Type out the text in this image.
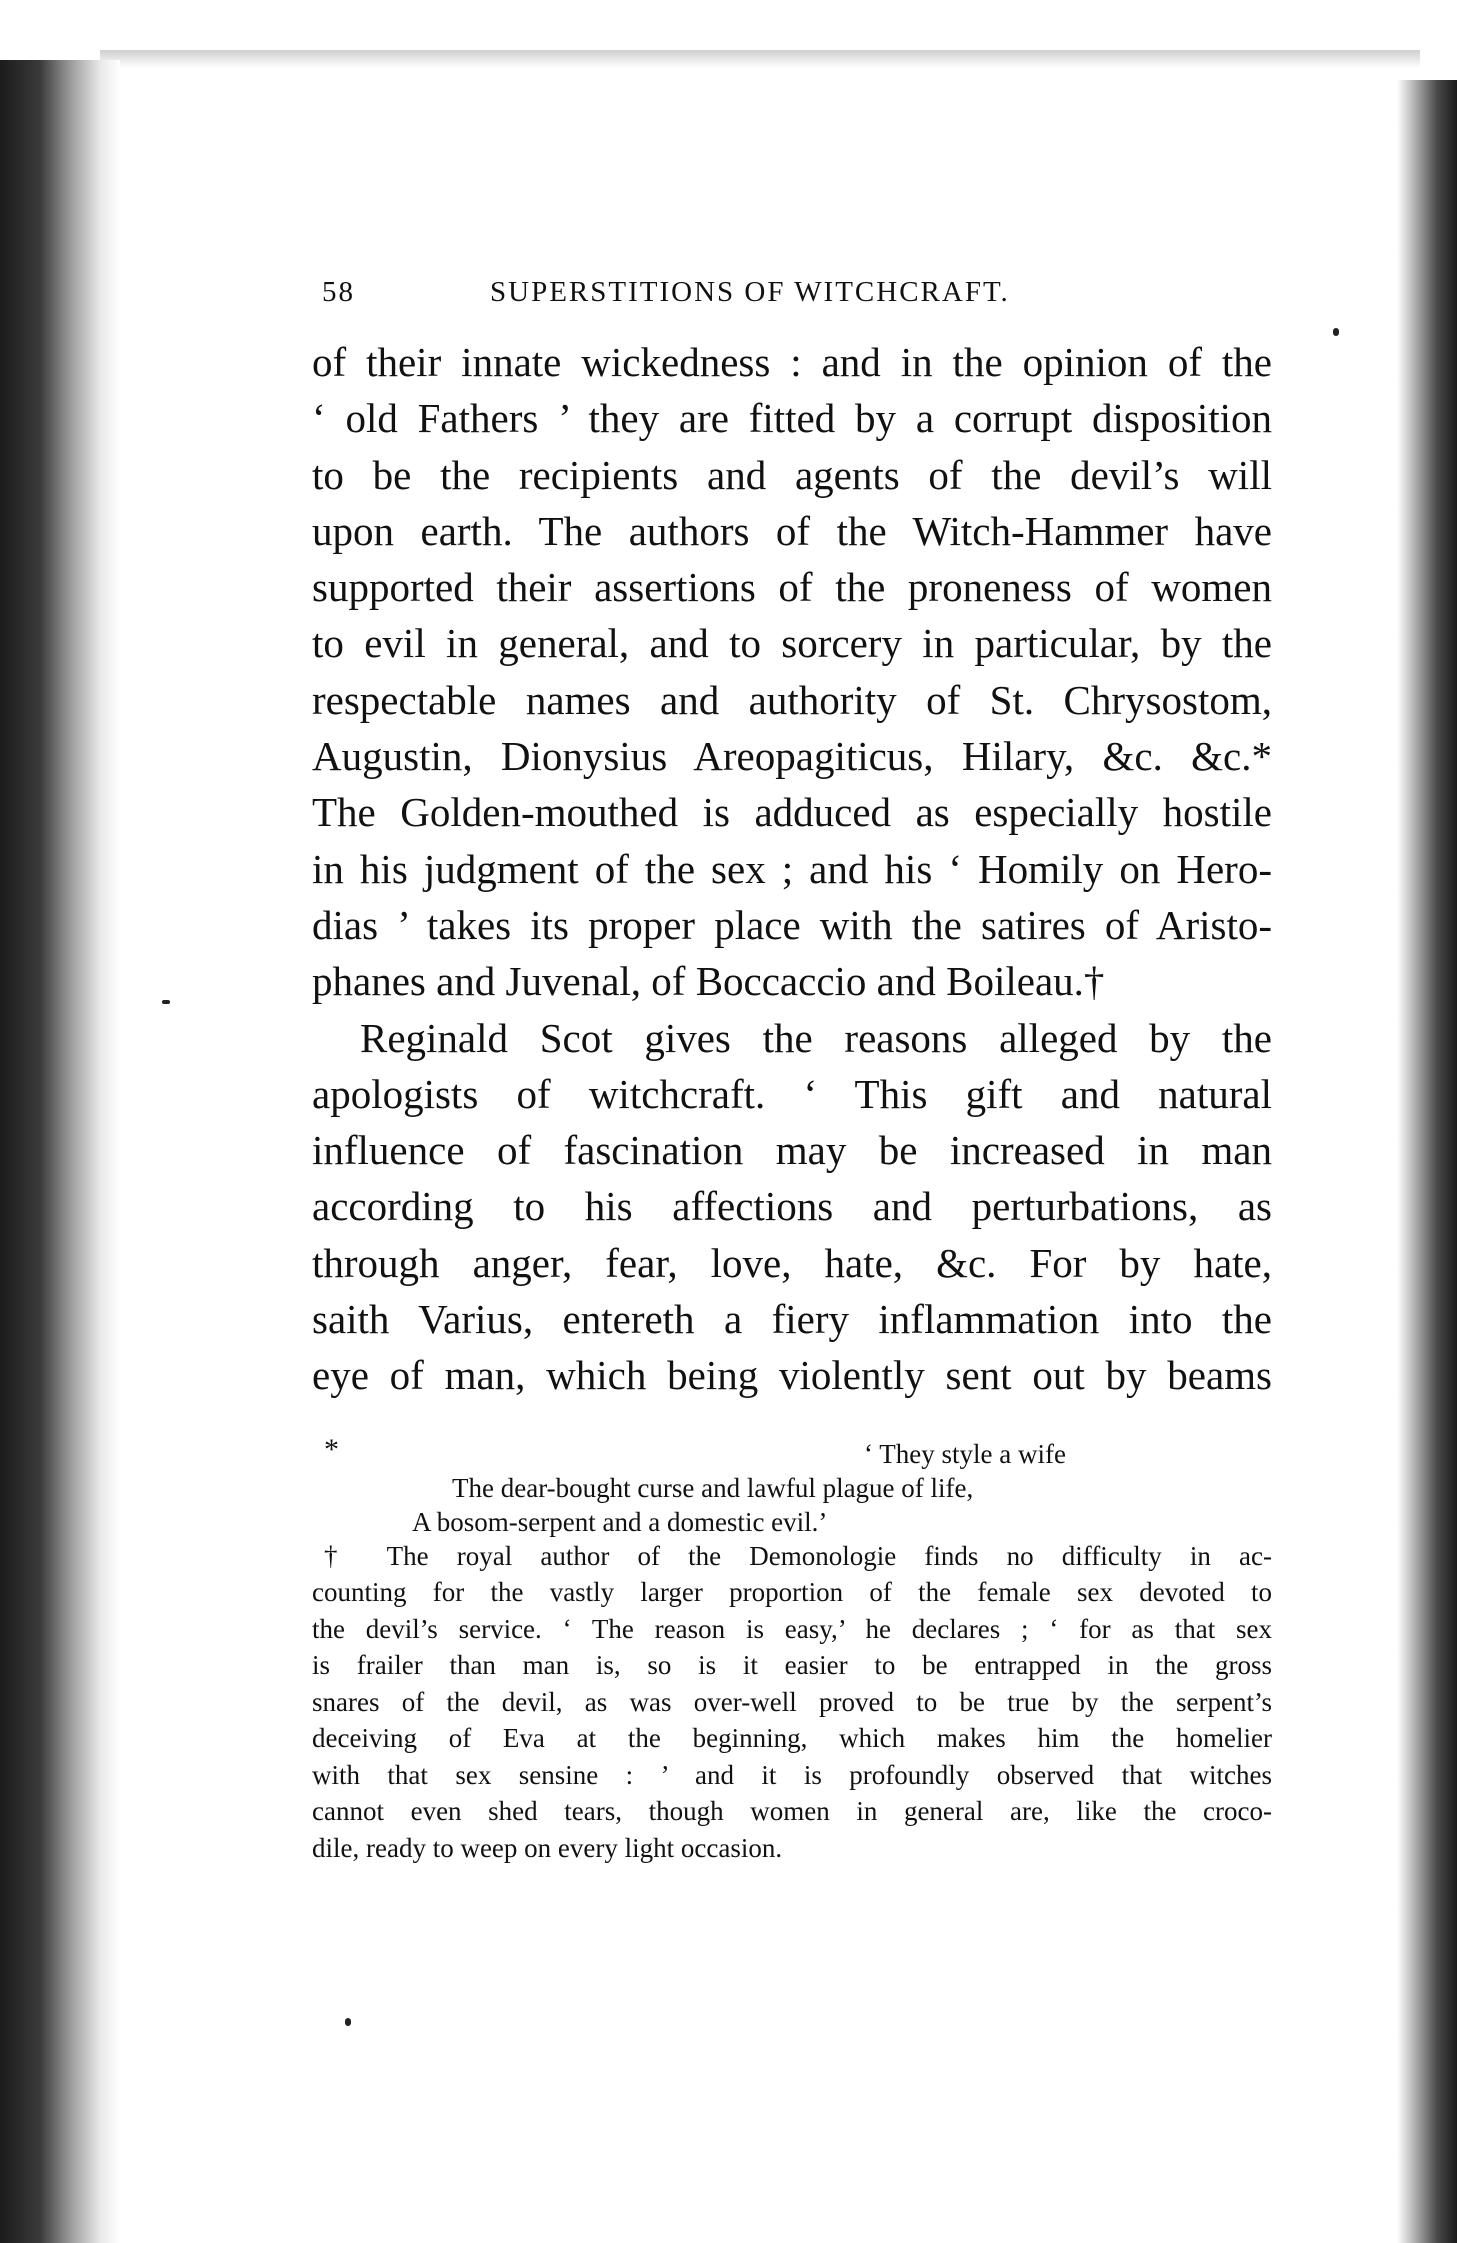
58	SUPERSTITIONS OF WITCHCRAFT.
of their innate wickedness : and in the opinion of the
‘ old Fathers ’ they are fitted by a corrupt disposition
to be the recipients and agents of the devil’s will
upon earth. The authors of the Witch-Hammer have
supported their assertions of the proneness of women
to evil in general, and to sorcery in particular, by the
respectable names and authority of St. Chrysostom,
Augustin, Dionysius Areopagiticus, Hilary, &c. &c.*
The Golden-mouthed is adduced as especially hostile
in his judgment of the sex ; and his ‘ Homily on Hero-
dias ’ takes its proper place with the satires of Aristo-
phanes and Juvenal, of Boccaccio and Boileau.†
Reginald Scot gives the reasons alleged by the
apologists of witchcraft. ‘ This gift and natural
influence of fascination may be increased in man
according to his affections and perturbations, as
through anger, fear, love, hate, &c. For by hate,
saith Varius, entereth a fiery inflammation into the
eye of man, which being violently sent out by beams
*	‘ They style a wife
The dear-bought curse and lawful plague of life,
A bosom-serpent and a domestic evil.’
† The royal author of the Demonologie finds no difficulty in ac-
counting for the vastly larger proportion of the female sex devoted to
the devil’s service. ‘ The reason is easy,’ he declares ; ‘ for as that sex
is frailer than man is, so is it easier to be entrapped in the gross
snares of the devil, as was over-well proved to be true by the serpent’s
deceiving of Eva at the beginning, which makes him the homelier
with that sex sensine : ’ and it is profoundly observed that witches
cannot even shed tears, though women in general are, like the croco-
dile, ready to weep on every light occasion.
